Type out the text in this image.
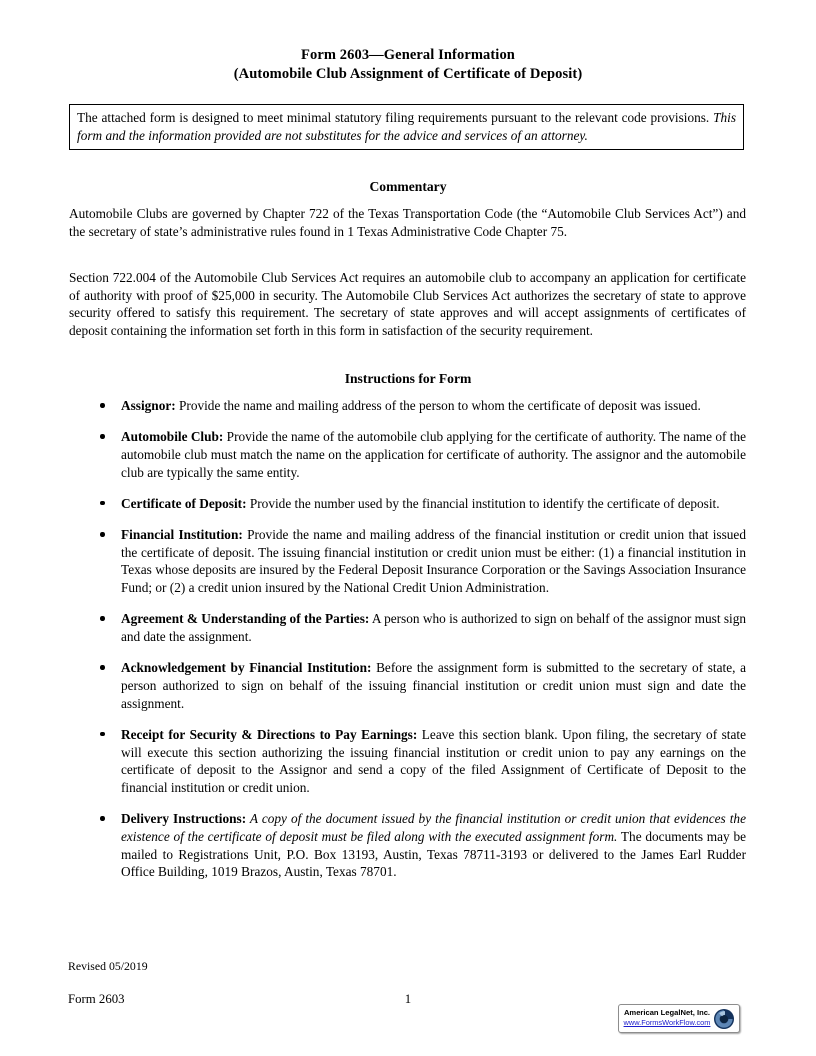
Form 2603—General Information
(Automobile Club Assignment of Certificate of Deposit)
The attached form is designed to meet minimal statutory filing requirements pursuant to the relevant code provisions. This form and the information provided are not substitutes for the advice and services of an attorney.
Commentary
Automobile Clubs are governed by Chapter 722 of the Texas Transportation Code (the “Automobile Club Services Act”) and the secretary of state’s administrative rules found in 1 Texas Administrative Code Chapter 75.
Section 722.004 of the Automobile Club Services Act requires an automobile club to accompany an application for certificate of authority with proof of $25,000 in security. The Automobile Club Services Act authorizes the secretary of state to approve security offered to satisfy this requirement. The secretary of state approves and will accept assignments of certificates of deposit containing the information set forth in this form in satisfaction of the security requirement.
Instructions for Form
Assignor: Provide the name and mailing address of the person to whom the certificate of deposit was issued.
Automobile Club: Provide the name of the automobile club applying for the certificate of authority. The name of the automobile club must match the name on the application for certificate of authority. The assignor and the automobile club are typically the same entity.
Certificate of Deposit: Provide the number used by the financial institution to identify the certificate of deposit.
Financial Institution: Provide the name and mailing address of the financial institution or credit union that issued the certificate of deposit. The issuing financial institution or credit union must be either: (1) a financial institution in Texas whose deposits are insured by the Federal Deposit Insurance Corporation or the Savings Association Insurance Fund; or (2) a credit union insured by the National Credit Union Administration.
Agreement & Understanding of the Parties: A person who is authorized to sign on behalf of the assignor must sign and date the assignment.
Acknowledgement by Financial Institution: Before the assignment form is submitted to the secretary of state, a person authorized to sign on behalf of the issuing financial institution or credit union must sign and date the assignment.
Receipt for Security & Directions to Pay Earnings: Leave this section blank. Upon filing, the secretary of state will execute this section authorizing the issuing financial institution or credit union to pay any earnings on the certificate of deposit to the Assignor and send a copy of the filed Assignment of Certificate of Deposit to the financial institution or credit union.
Delivery Instructions: A copy of the document issued by the financial institution or credit union that evidences the existence of the certificate of deposit must be filed along with the executed assignment form. The documents may be mailed to Registrations Unit, P.O. Box 13193, Austin, Texas 78711-3193 or delivered to the James Earl Rudder Office Building, 1019 Brazos, Austin, Texas 78701.
Revised 05/2019
Form 2603	1
American LegalNet, Inc.
www.FormsWorkFlow.com
